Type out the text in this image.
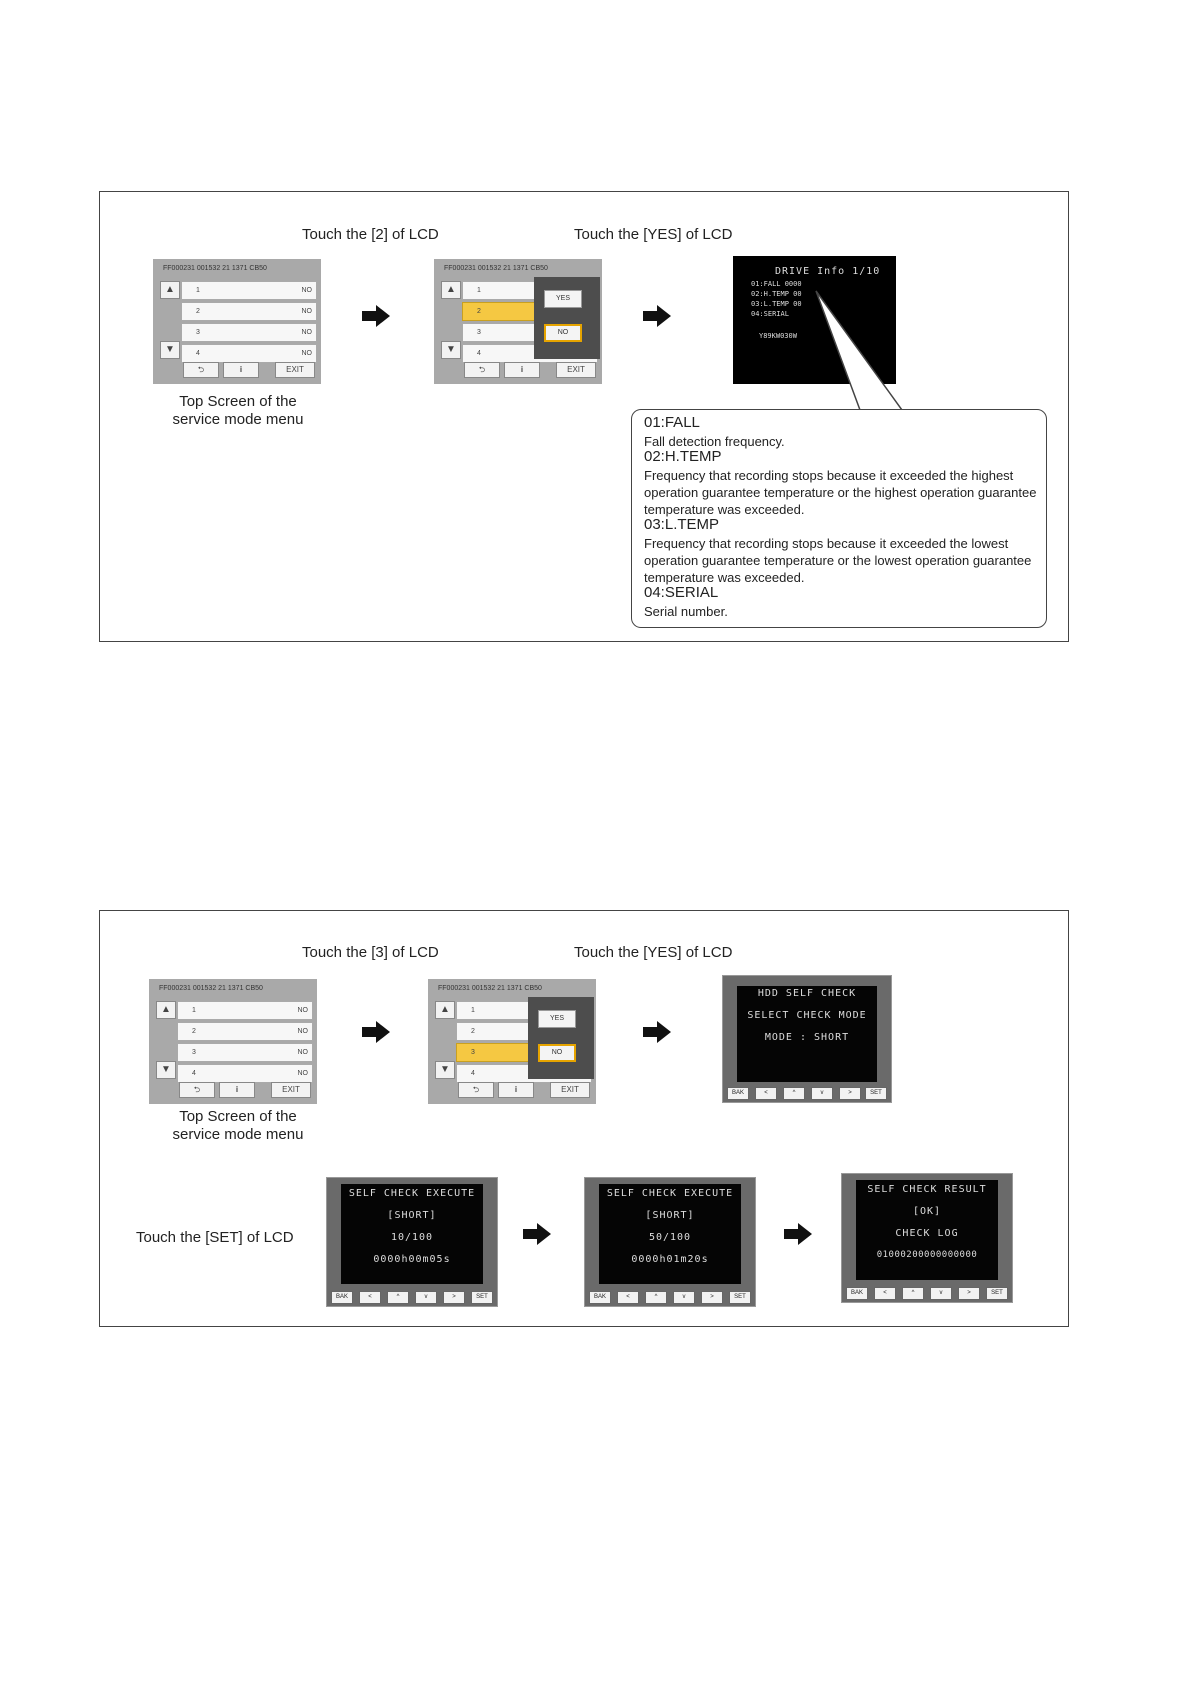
Touch the [2] of LCD	Touch the [YES] of LCD
FF000231 001532 21 1371 CB50
▲
▼
1	NO
2	NO
3	NO
4	NO
⮌	i	EXIT
Top Screen of the
service mode menu
FF000231 001532 21 1371 CB50
▲
▼
1
2
3
4
YES
NO
⮌	i	EXIT
DRIVE Info 1/10
01:FALL 0000
02:H.TEMP 00
03:L.TEMP 00
04:SERIAL
Y89KW030W
01:FALL
Fall detection frequency.
02:H.TEMP
Frequency that recording stops because it exceeded the highest operation guarantee temperature or the highest operation guarantee temperature was exceeded.
03:L.TEMP
Frequency that recording stops because it exceeded the lowest operation guarantee temperature or the lowest operation guarantee temperature was exceeded.
04:SERIAL
Serial number.
Touch the [3] of LCD	Touch the [YES] of LCD
FF000231 001532 21 1371 CB50
▲
▼
1	NO
2	NO
3	NO
4	NO
⮌	i	EXIT
Top Screen of the
service mode menu
FF000231 001532 21 1371 CB50
▲
▼
1
2
3
4
YES
NO
⮌	i	EXIT
HDD SELF CHECK
SELECT CHECK MODE
MODE : SHORT
BAK	<	^	v	>	SET
Touch the [SET] of LCD
SELF CHECK EXECUTE
[SHORT]
10/100
0000h00m05s
BAK	<	^	v	>	SET
SELF CHECK EXECUTE
[SHORT]
50/100
0000h01m20s
BAK	<	^	v	>	SET
SELF CHECK RESULT
[OK]
CHECK LOG
01000200000000000
BAK	<	^	v	>	SET
